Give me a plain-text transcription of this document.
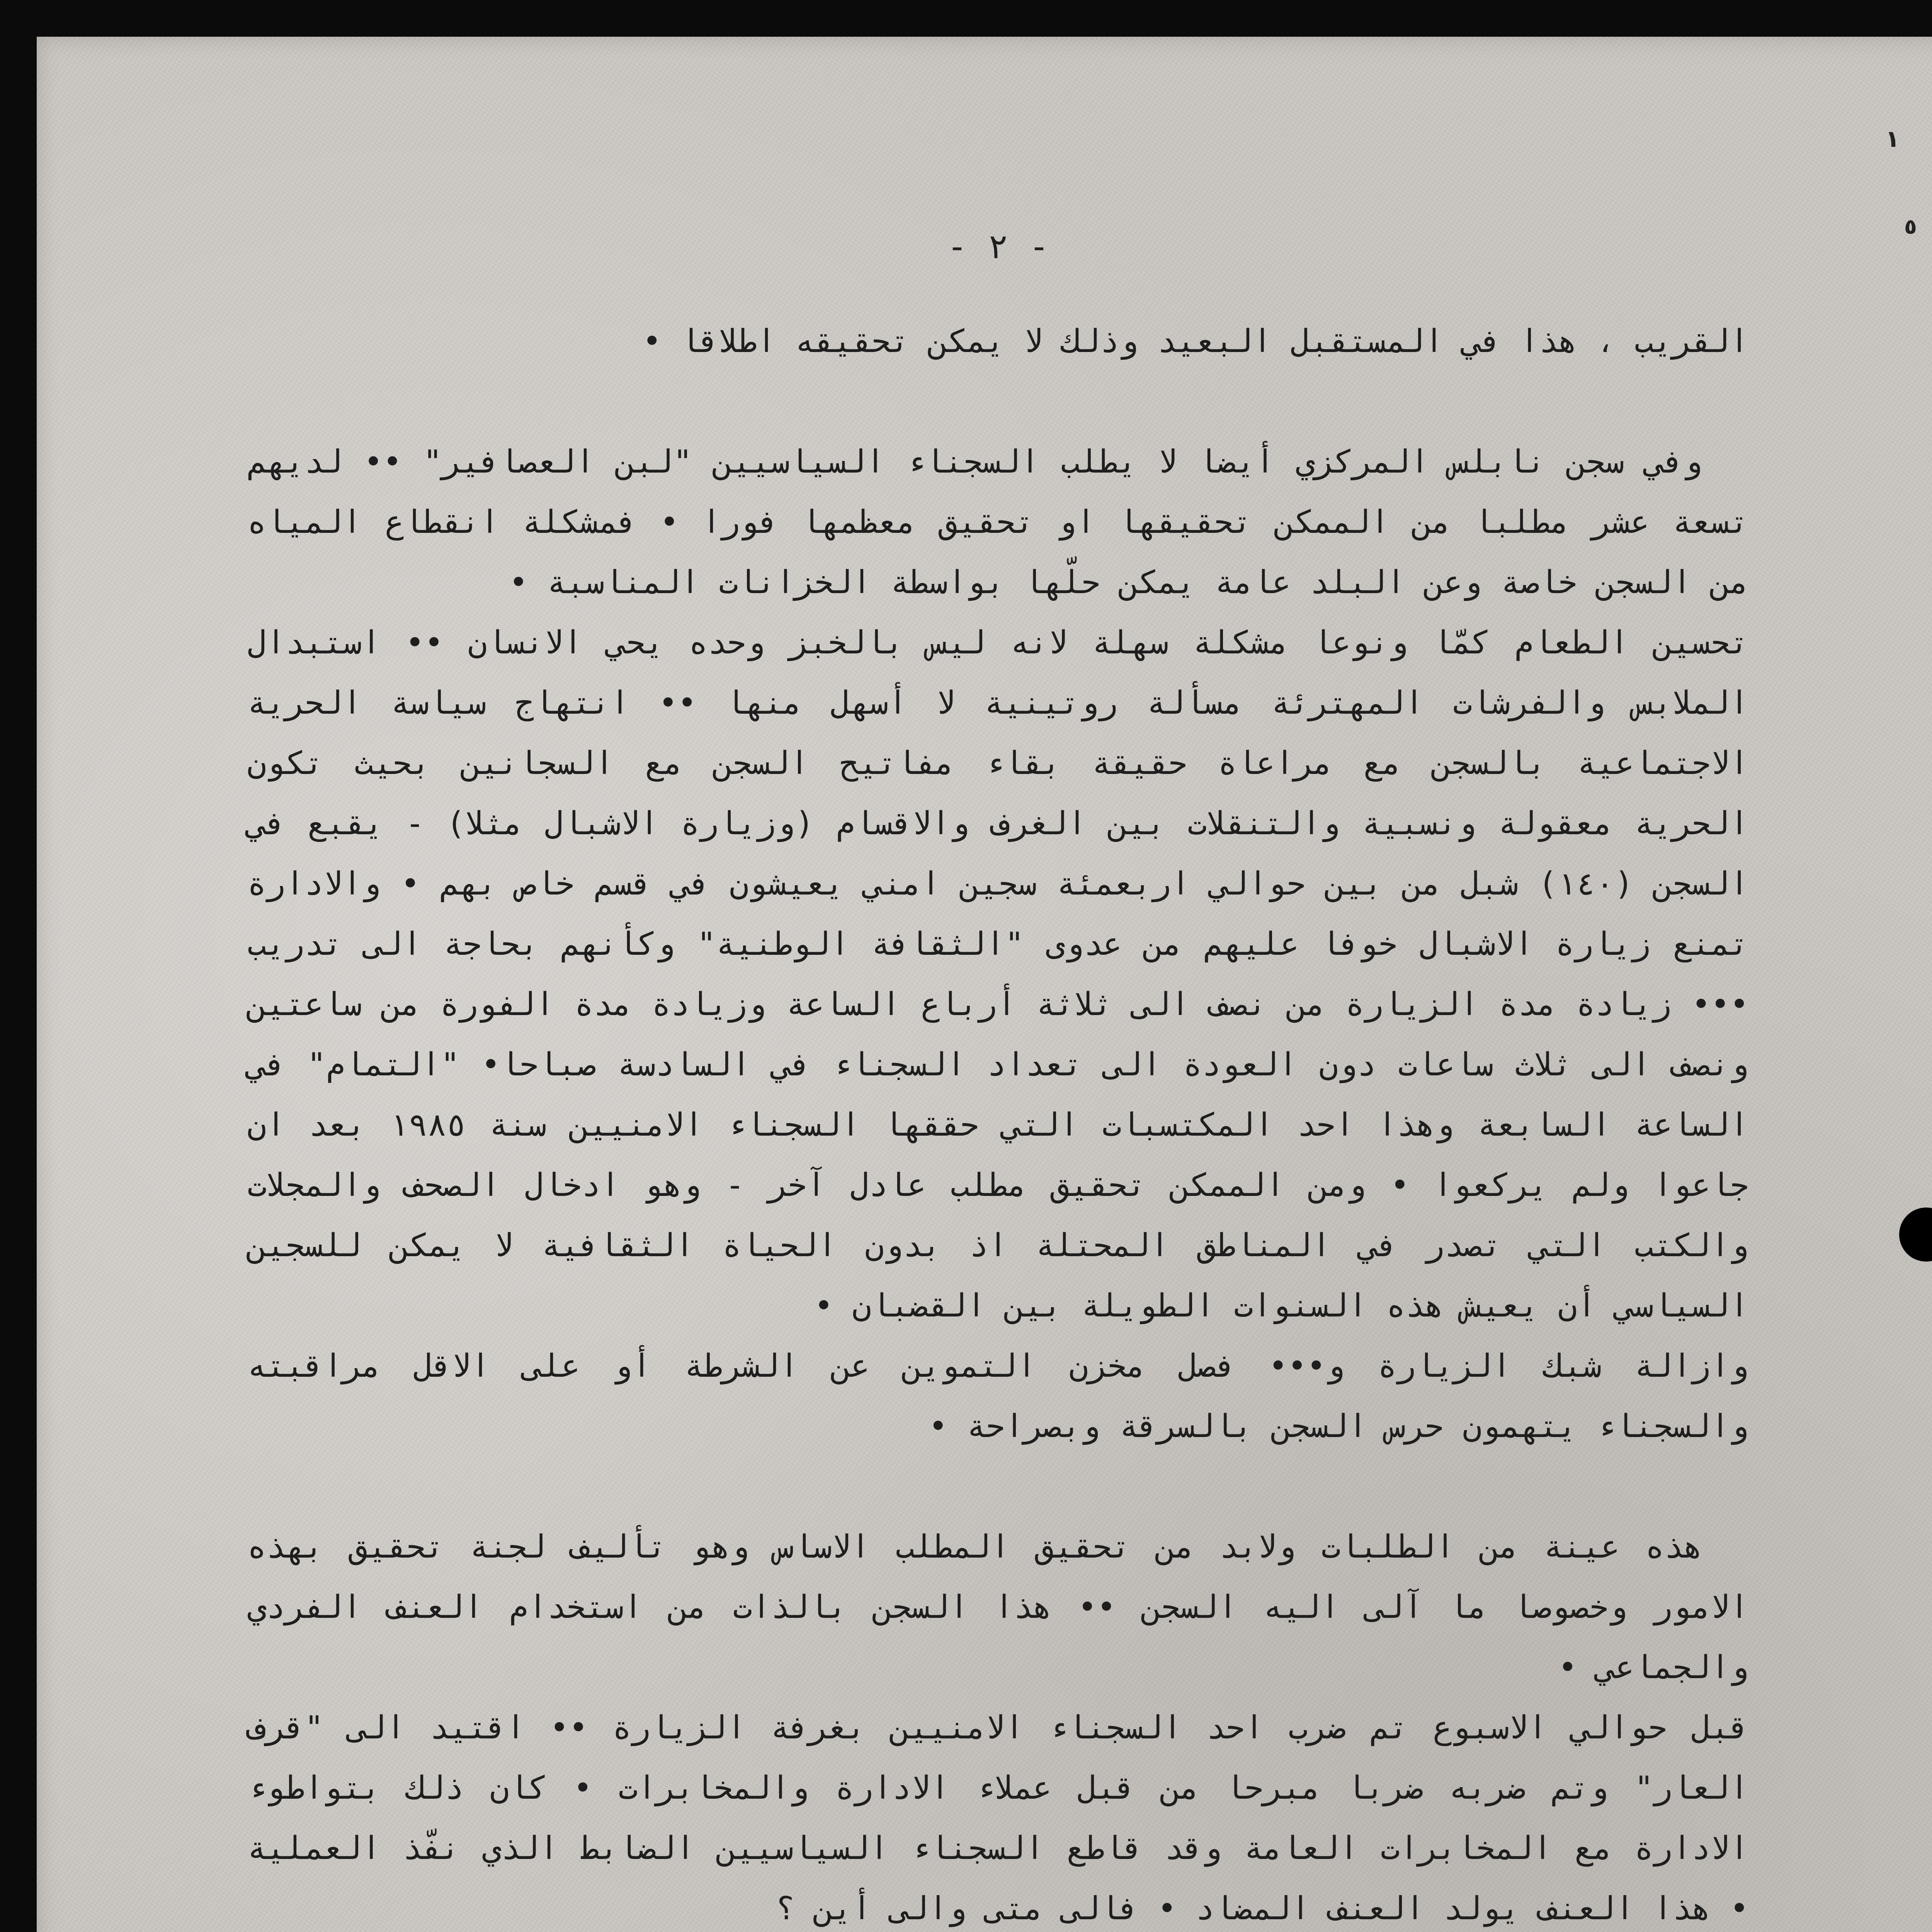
١
٥
- ٢ -

القريب ، هذا في المستقبل البعيد وذلك لا يمكن تحقيقه اطلاقا •

وفي سجن نابلس المركزي أيضا لا يطلب السجناء السياسيين "لبن العصافير" •• لديهم تسعة عشر مطلبا من الممكن تحقيقها او تحقيق معظمها فورا • فمشكلة انقطاع المياه من السجن خاصة وعن البلد عامة يمكن حلّها بواسطة الخزانات المناسبة •

تحسين الطعام كمّا ونوعا مشكلة سهلة لانه ليس بالخبز وحده يحي الانسان •• استبدال الملابس والفرشات المهترئة مسألة روتينية لا أسهل منها •• انتهاج سياسة الحرية الاجتماعية بالسجن مع مراعاة حقيقة بقاء مفاتيح السجن مع السجانين بحيث تكون الحرية معقولة ونسبية والتنقلات بين الغرف والاقسام (وزيارة الاشبال مثلا) - يقبع في السجن (١٤٠) شبل من بين حوالي اربعمئة سجين امني يعيشون في قسم خاص بهم • والادارة تمنع زيارة الاشبال خوفا عليهم من عدوى "الثقافة الوطنية" وكأنهم بحاجة الى تدريب ••• زيادة مدة الزيارة من نصف الى ثلاثة أرباع الساعة وزيادة مدة الفورة من ساعتين ونصف الى ثلاث ساعات دون العودة الى تعداد السجناء في السادسة صباحا• "التمام" في الساعة السابعة وهذا احد المكتسبات التي حققها السجناء الامنيين سنة ١٩٨٥ بعد ان جاعوا ولم يركعوا • ومن الممكن تحقيق مطلب عادل آخر - وهو ادخال الصحف والمجلات والكتب التي تصدر في المناطق المحتلة اذ بدون الحياة الثقافية لا يمكن للسجين السياسي أن يعيش هذه السنوات الطويلة بين القضبان •

وازالة شبك الزيارة و••• فصل مخزن التموين عن الشرطة أو على الاقل مراقبته والسجناء يتهمون حرس السجن بالسرقة وبصراحة •

هذه عينة من الطلبات ولابد من تحقيق المطلب الاساس وهو تأليف لجنة تحقيق بهذه الامور وخصوصا ما آلى اليه السجن •• هذا السجن بالذات من استخدام العنف الفردي والجماعي •

قبل حوالي الاسبوع تم ضرب احد السجناء الامنيين بغرفة الزيارة •• اقتيد الى "قرف العار" وتم ضربه ضربا مبرحا من قبل عملاء الادارة والمخابرات • كان ذلك بتواطوء الادارة مع المخابرات العامة وقد قاطع السجناء السياسيين الضابط الذي نفّذ العملية • هذا العنف يولد العنف المضاد • فالى متى والى أين ؟
